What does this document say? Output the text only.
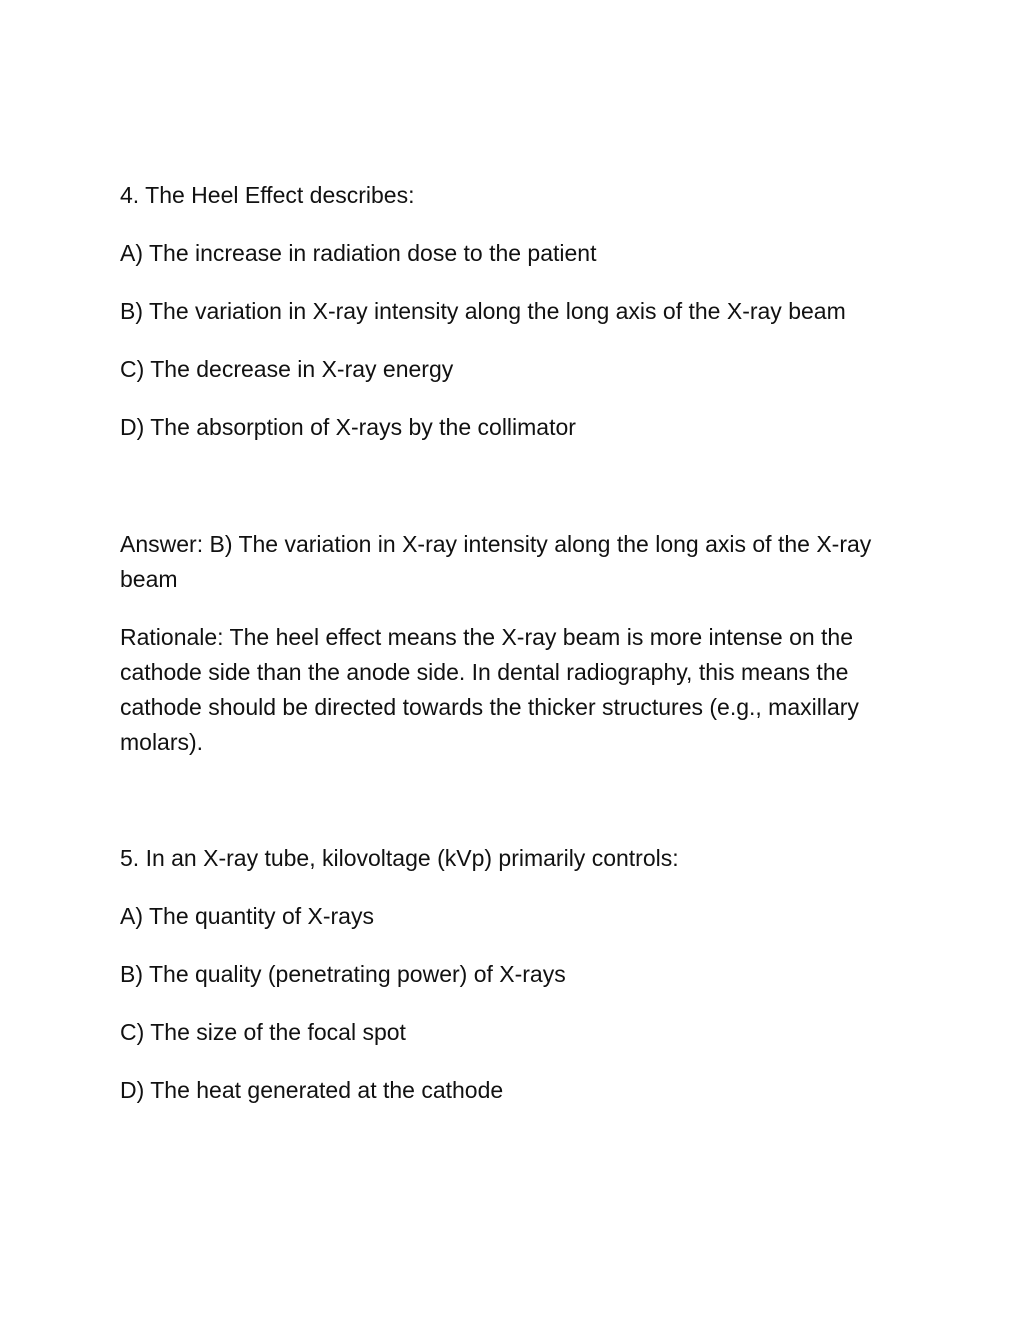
4. The Heel Effect describes:

A) The increase in radiation dose to the patient

B) The variation in X-ray intensity along the long axis of the X-ray beam

C) The decrease in X-ray energy

D) The absorption of X-rays by the collimator

Answer: B) The variation in X-ray intensity along the long axis of the X-ray beam

Rationale: The heel effect means the X-ray beam is more intense on the cathode side than the anode side. In dental radiography, this means the cathode should be directed towards the thicker structures (e.g., maxillary molars).

5. In an X-ray tube, kilovoltage (kVp) primarily controls:

A) The quantity of X-rays

B) The quality (penetrating power) of X-rays

C) The size of the focal spot

D) The heat generated at the cathode
